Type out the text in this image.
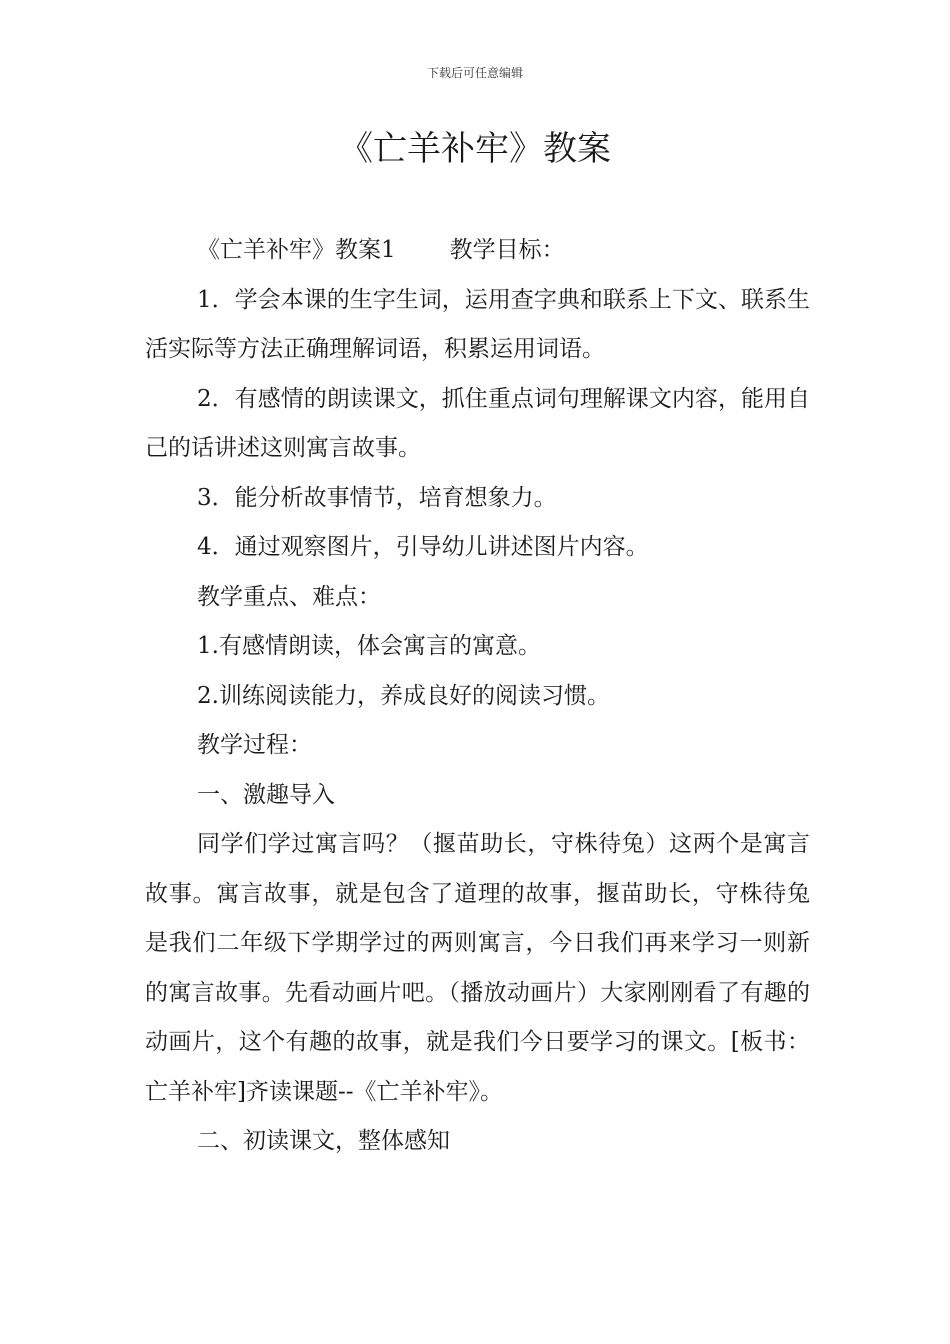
下载后可任意编辑
《亡羊补牢》教案

《亡羊补牢》教案1 教学目标：

1．学会本课的生字生词，运用查字典和联系上下文、联系生活实际等方法正确理解词语，积累运用词语。

2．有感情的朗读课文，抓住重点词句理解课文内容，能用自己的话讲述这则寓言故事。

3．能分析故事情节，培育想象力。

4．通过观察图片，引导幼儿讲述图片内容。

教学重点、难点：

1.有感情朗读，体会寓言的寓意。

2.训练阅读能力，养成良好的阅读习惯。

教学过程：

一、激趣导入

同学们学过寓言吗？（揠苗助长，守株待兔）这两个是寓言故事。寓言故事，就是包含了道理的故事，揠苗助长，守株待兔是我们二年级下学期学过的两则寓言，今日我们再来学习一则新的寓言故事。先看动画片吧。（播放动画片）大家刚刚看了有趣的动画片，这个有趣的故事，就是我们今日要学习的课文。[板书：亡羊补牢]齐读课题--《亡羊补牢》。

二、初读课文，整体感知
